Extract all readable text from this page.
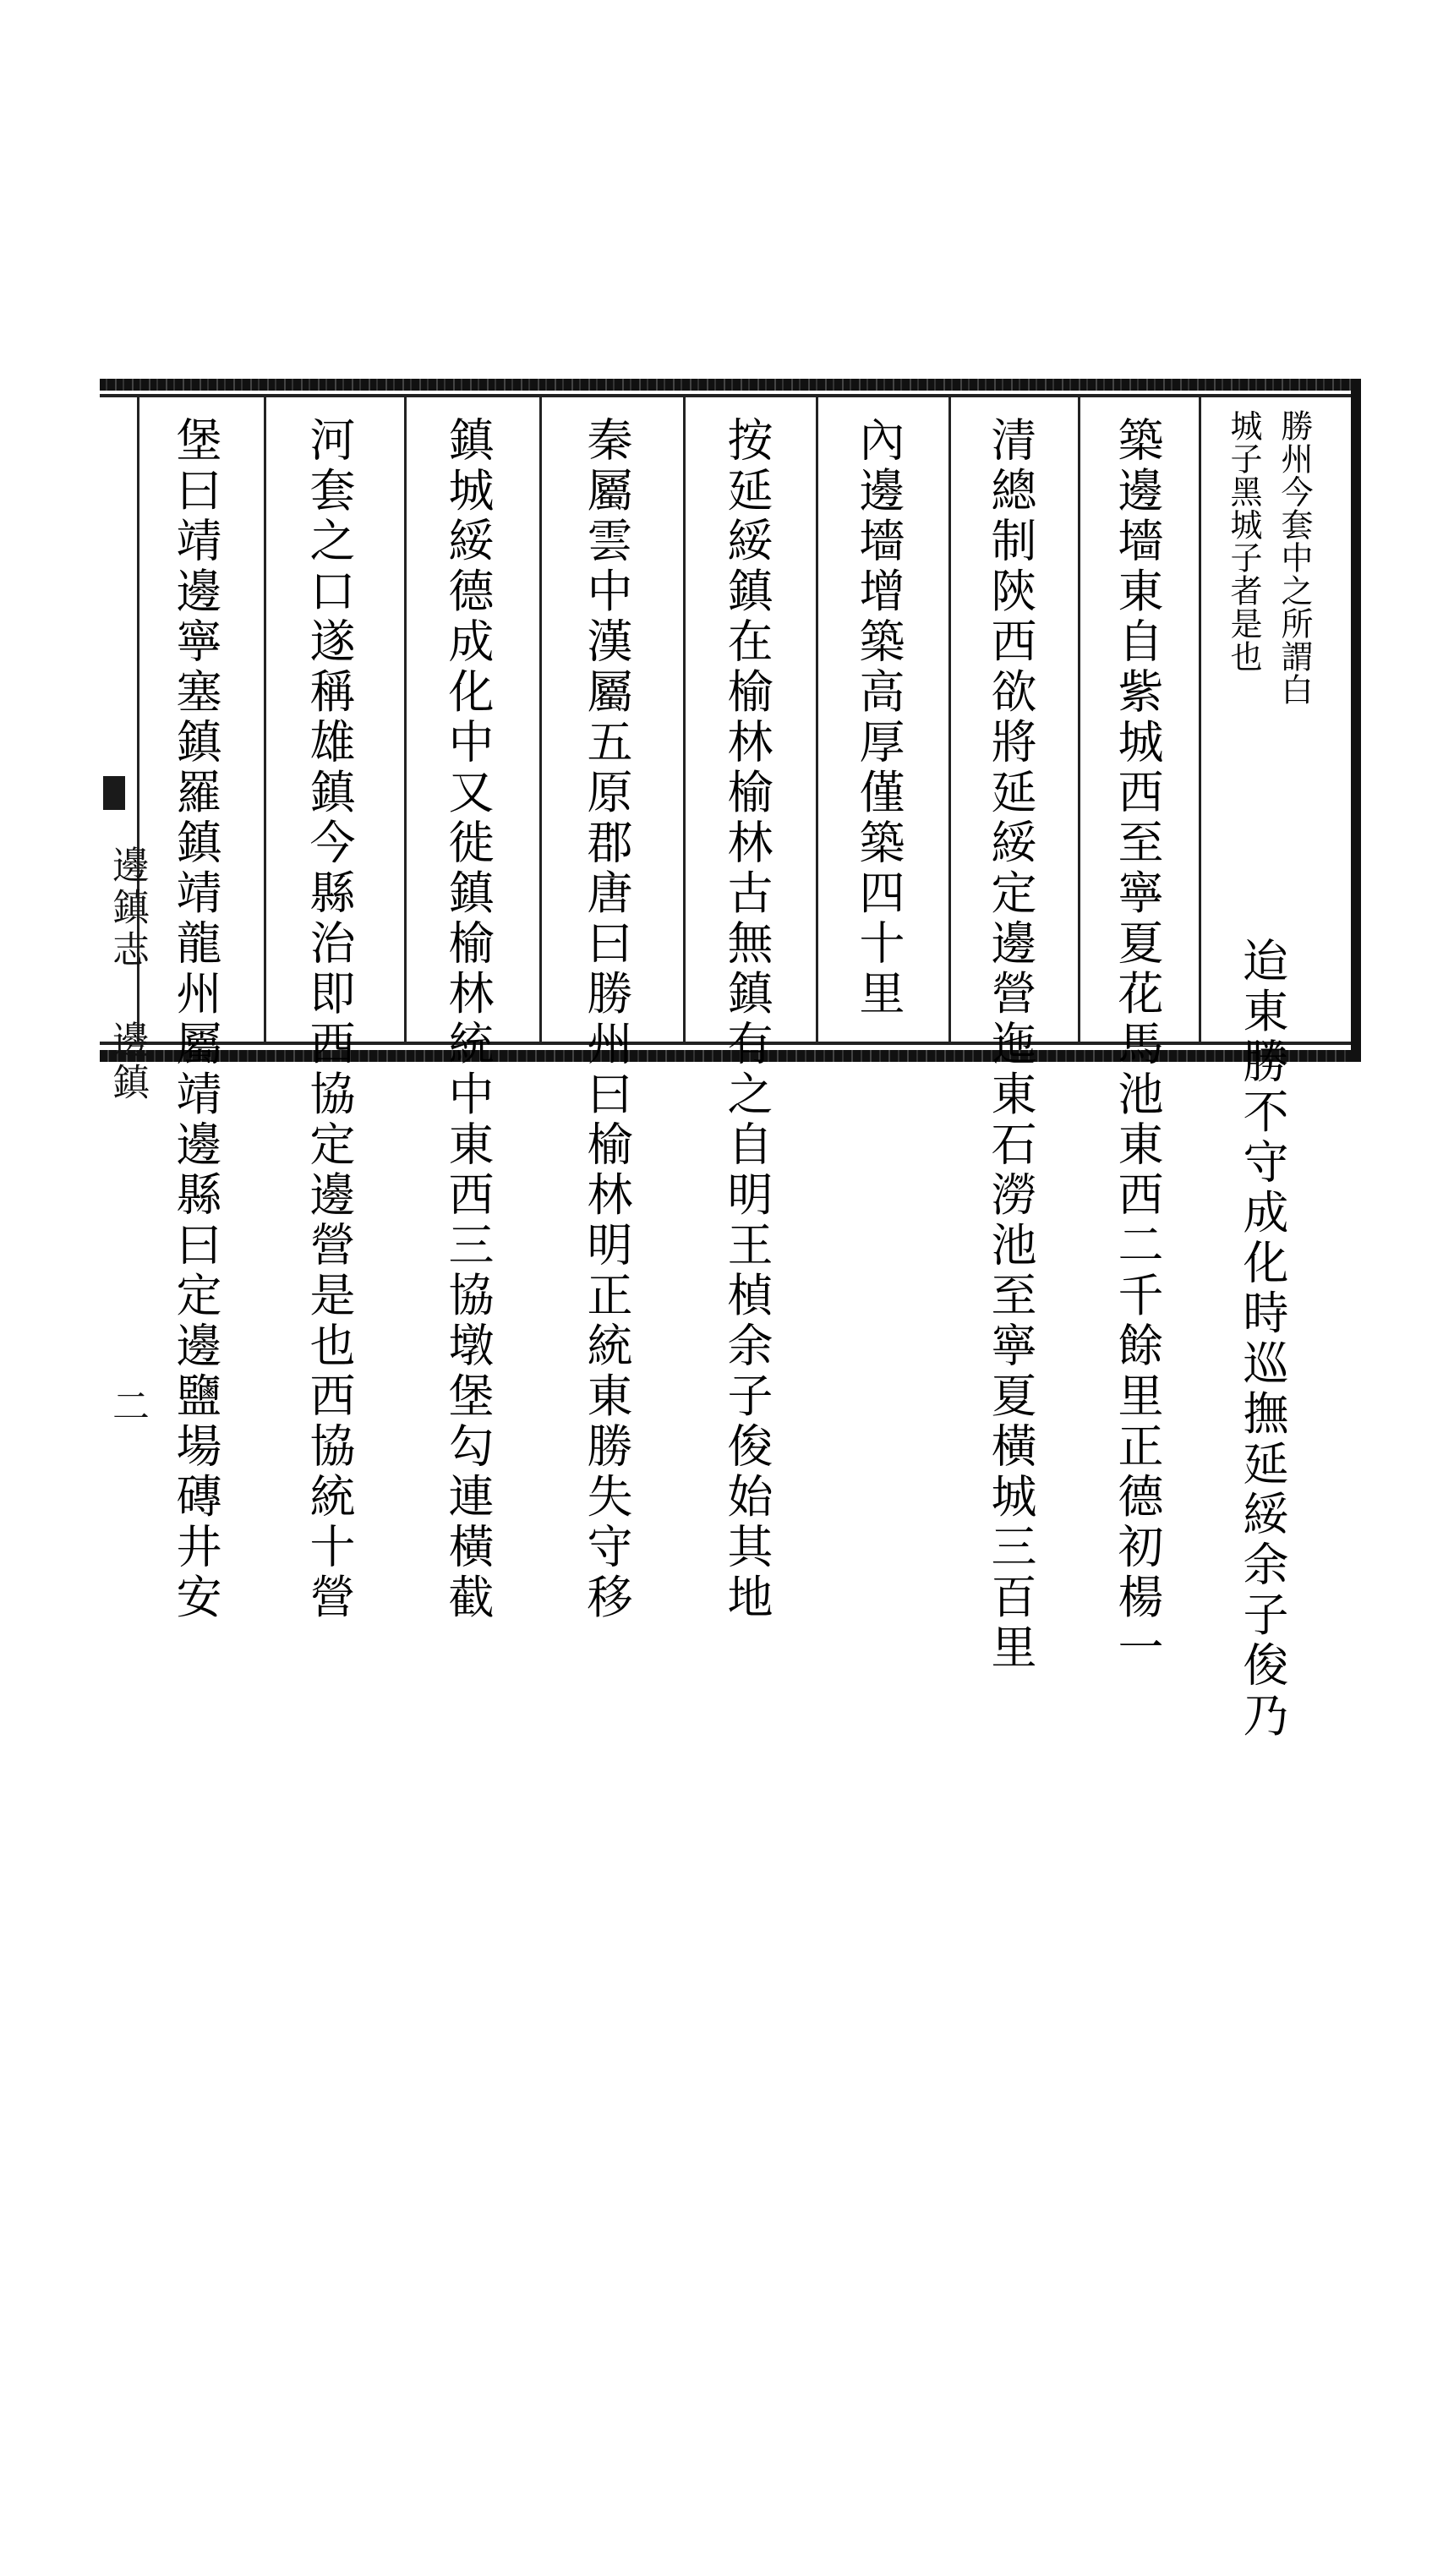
勝州今套中之所謂白
城子黑城子者是也
迨東勝不守成化時巡撫延綏余子俊乃
築邊墻東自紫城西至寧夏花馬池東西二千餘里正德初楊一
清總制陝西欲將延綏定邊營迤東石澇池至寧夏橫城三百里
內邊墻增築高厚僅築四十里
按延綏鎮在榆林榆林古無鎮有之自明王楨余子俊始其地
秦屬雲中漢屬五原郡唐曰勝州曰榆林明正統東勝失守移
鎮城綏德成化中又徙鎮榆林統中東西三協墩堡勾連橫截
河套之口遂稱雄鎮今縣治即西協定邊營是也西協統十營
堡曰靖邊寧塞鎮羅鎮靖龍州屬靖邊縣曰定邊鹽場磚井安
邊鎮志 邊鎮
二
